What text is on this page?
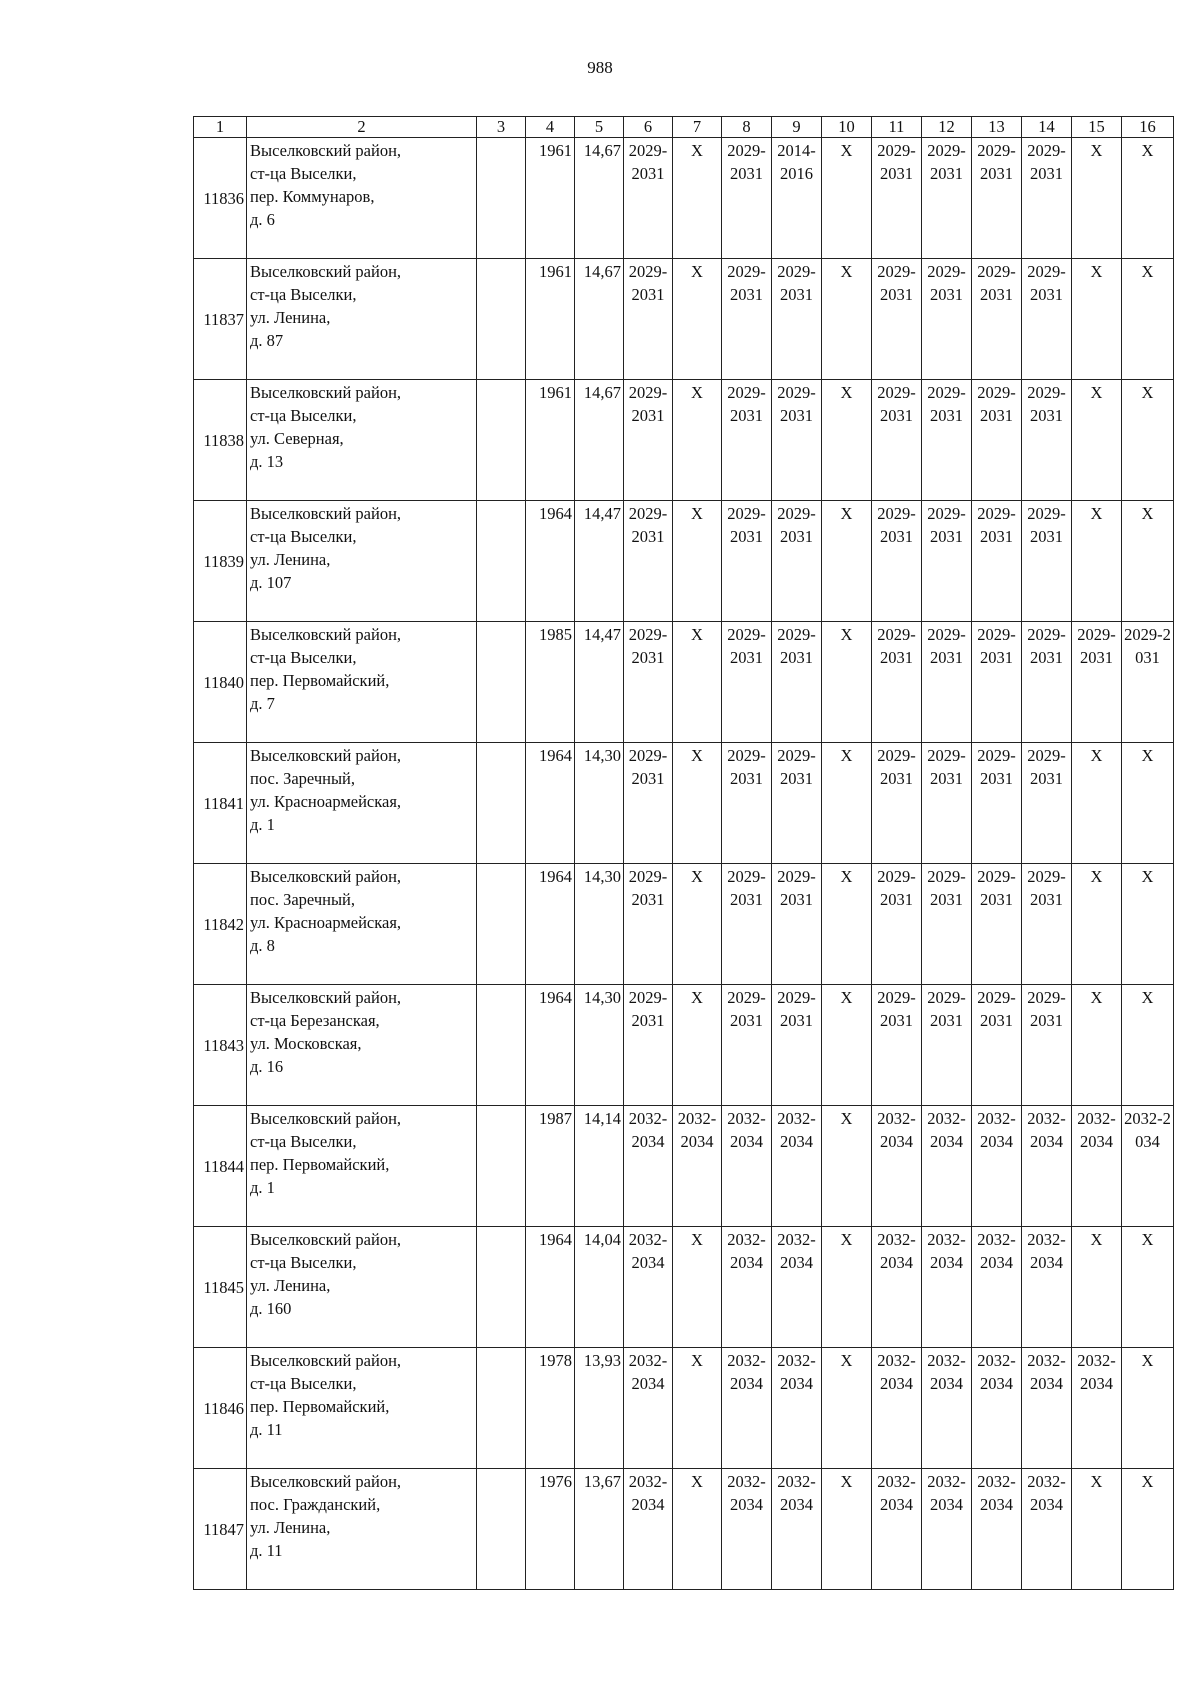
988
1	2	3	4	5	6	7	8	9	10	11	12	13	14	15	16
11836	Выселковский район,
ст-ца Выселки,
пер. Коммунаров,
д. 6		1961	14,67	2029-2031	X	2029-2031	2014-2016	X	2029-2031	2029-2031	2029-2031	2029-2031	X	X
11837	Выселковский район,
ст-ца Выселки,
ул. Ленина,
д. 87		1961	14,67	2029-2031	X	2029-2031	2029-2031	X	2029-2031	2029-2031	2029-2031	2029-2031	X	X
11838	Выселковский район,
ст-ца Выселки,
ул. Северная,
д. 13		1961	14,67	2029-2031	X	2029-2031	2029-2031	X	2029-2031	2029-2031	2029-2031	2029-2031	X	X
11839	Выселковский район,
ст-ца Выселки,
ул. Ленина,
д. 107		1964	14,47	2029-2031	X	2029-2031	2029-2031	X	2029-2031	2029-2031	2029-2031	2029-2031	X	X
11840	Выселковский район,
ст-ца Выселки,
пер. Первомайский,
д. 7		1985	14,47	2029-2031	X	2029-2031	2029-2031	X	2029-2031	2029-2031	2029-2031	2029-2031	2029-2031	2029-2031
11841	Выселковский район,
пос. Заречный,
ул. Красноармейская,
д. 1		1964	14,30	2029-2031	X	2029-2031	2029-2031	X	2029-2031	2029-2031	2029-2031	2029-2031	X	X
11842	Выселковский район,
пос. Заречный,
ул. Красноармейская,
д. 8		1964	14,30	2029-2031	X	2029-2031	2029-2031	X	2029-2031	2029-2031	2029-2031	2029-2031	X	X
11843	Выселковский район,
ст-ца Березанская,
ул. Московская,
д. 16		1964	14,30	2029-2031	X	2029-2031	2029-2031	X	2029-2031	2029-2031	2029-2031	2029-2031	X	X
11844	Выселковский район,
ст-ца Выселки,
пер. Первомайский,
д. 1		1987	14,14	2032-2034	2032-2034	2032-2034	2032-2034	X	2032-2034	2032-2034	2032-2034	2032-2034	2032-2034	2032-2034
11845	Выселковский район,
ст-ца Выселки,
ул. Ленина,
д. 160		1964	14,04	2032-2034	X	2032-2034	2032-2034	X	2032-2034	2032-2034	2032-2034	2032-2034	X	X
11846	Выселковский район,
ст-ца Выселки,
пер. Первомайский,
д. 11		1978	13,93	2032-2034	X	2032-2034	2032-2034	X	2032-2034	2032-2034	2032-2034	2032-2034	2032-2034	X
11847	Выселковский район,
пос. Гражданский,
ул. Ленина,
д. 11		1976	13,67	2032-2034	X	2032-2034	2032-2034	X	2032-2034	2032-2034	2032-2034	2032-2034	X	X
